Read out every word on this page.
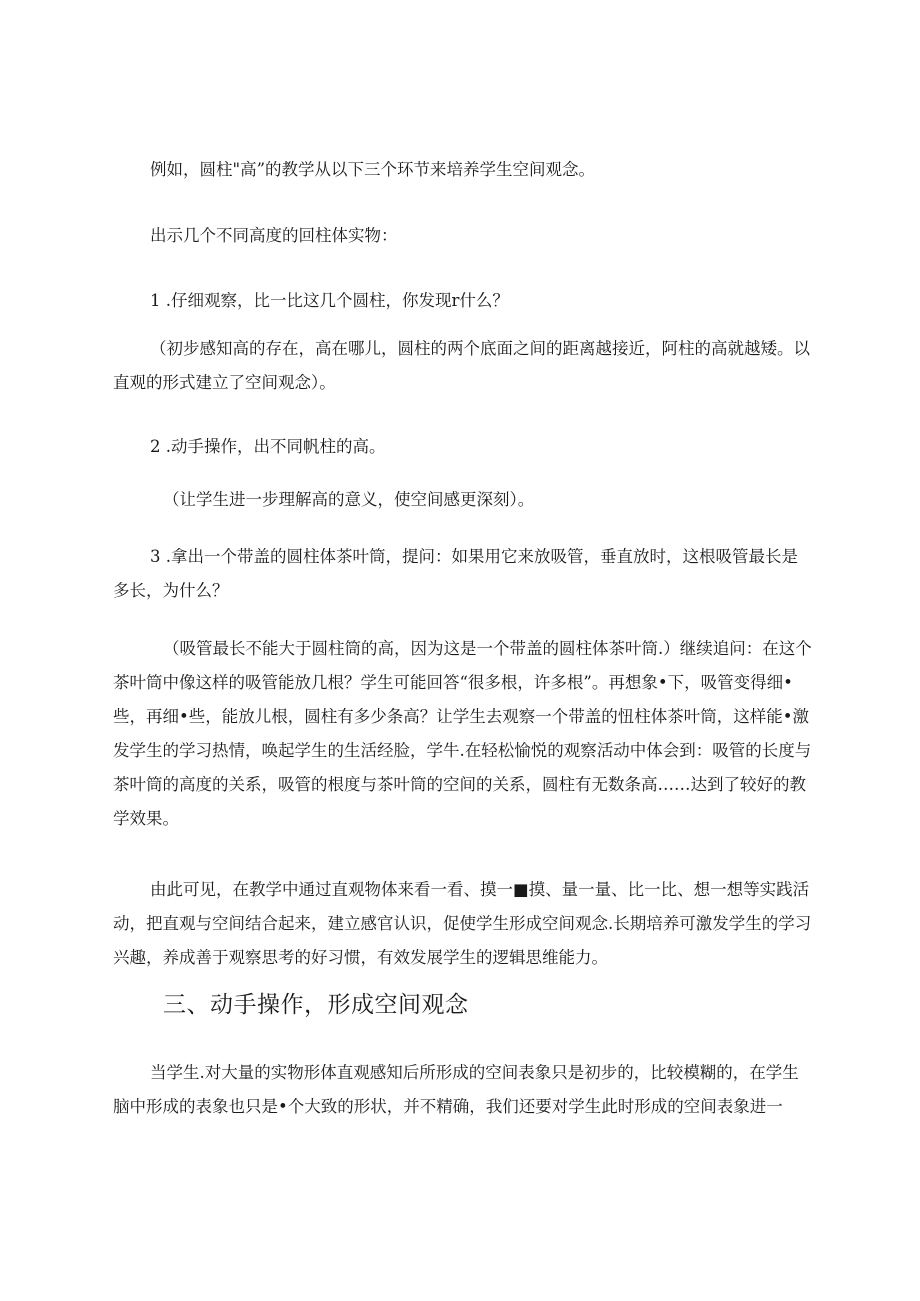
例如，圆柱"高”的教学从以下三个环节来培养学生空间观念。

出示几个不同高度的回柱体实物：

1 .仔细观察，比一比这几个圆柱，你发现r什么？

（初步感知高的存在，高在哪儿，圆柱的两个底面之间的距离越接近，阿柱的高就越矮。以直观的形式建立了空间观念）。

2 .动手操作，出不同帆柱的高。

（让学生进一步理解高的意义，使空间感更深刻）。

3 .拿出一个带盖的圆柱体茶叶筒，提问：如果用它来放吸管，垂直放时，这根吸管最长是多长，为什么？

（吸管最长不能大于圆柱筒的高，因为这是一个带盖的圆柱体茶叶筒.）继续追问：在这个茶叶筒中像这样的吸管能放几根？学生可能回答“很多根，许多根”。再想象•下，吸管变得细•些，再细•些，能放儿根，圆柱有多少条高？让学生去观察一个带盖的忸柱体茶叶筒，这样能•激发学生的学习热情，唤起学生的生活经脸，学牛.在轻松愉悦的观察活动中体会到：吸管的长度与茶叶筒的高度的关系，吸管的根度与茶叶筒的空间的关系，圆柱有无数条高……达到了较好的教学效果。

由此可见，在教学中通过直观物体来看一看、摸一■摸、量一量、比一比、想一想等实践活动，把直观与空间结合起来，建立感官认识，促使学生形成空间观念.长期培养可激发学生的学习兴趣，养成善于观察思考的好习惯，有效发展学生的逻辑思维能力。

三、动手操作，形成空间观念

当学生.对大量的实物形体直观感知后所形成的空间表象只是初步的，比较模糊的，在学生脑中形成的表象也只是•个大致的形状，并不精确，我们还要对学生此时形成的空间表象进一
